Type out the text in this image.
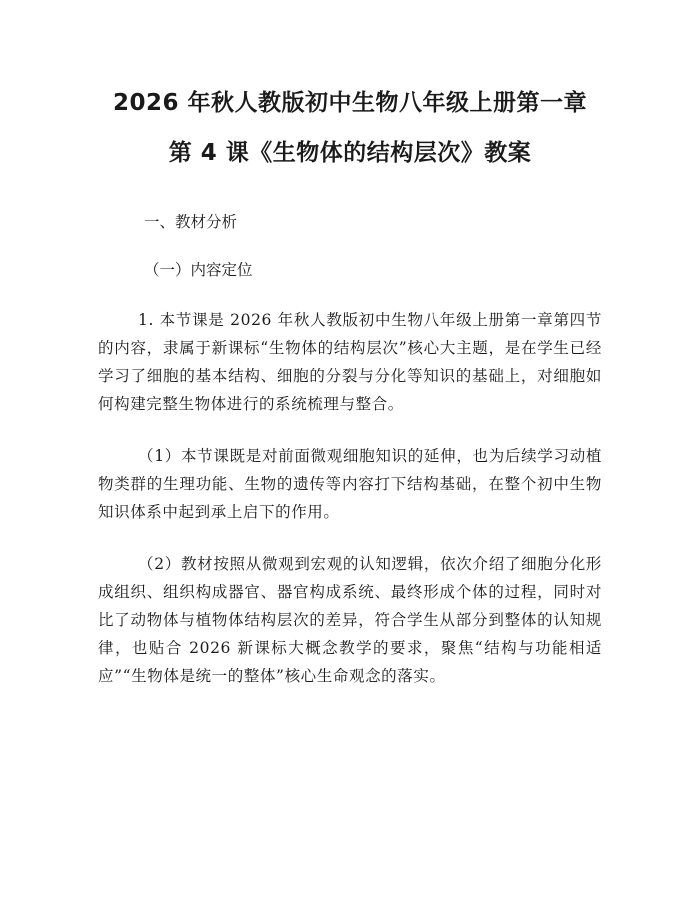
2026 年秋人教版初中生物八年级上册第一章
第 4 课《生物体的结构层次》教案

一、教材分析

（一）内容定位

1. 本节课是 2026 年秋人教版初中生物八年级上册第一章第四节的内容，隶属于新课标“生物体的结构层次”核心大主题，是在学生已经学习了细胞的基本结构、细胞的分裂与分化等知识的基础上，对细胞如何构建完整生物体进行的系统梳理与整合。

（1）本节课既是对前面微观细胞知识的延伸，也为后续学习动植物类群的生理功能、生物的遗传等内容打下结构基础，在整个初中生物知识体系中起到承上启下的作用。

（2）教材按照从微观到宏观的认知逻辑，依次介绍了细胞分化形成组织、组织构成器官、器官构成系统、最终形成个体的过程，同时对比了动物体与植物体结构层次的差异，符合学生从部分到整体的认知规律，也贴合 2026 新课标大概念教学的要求，聚焦“结构与功能相适应”“生物体是统一的整体”核心生命观念的落实。
